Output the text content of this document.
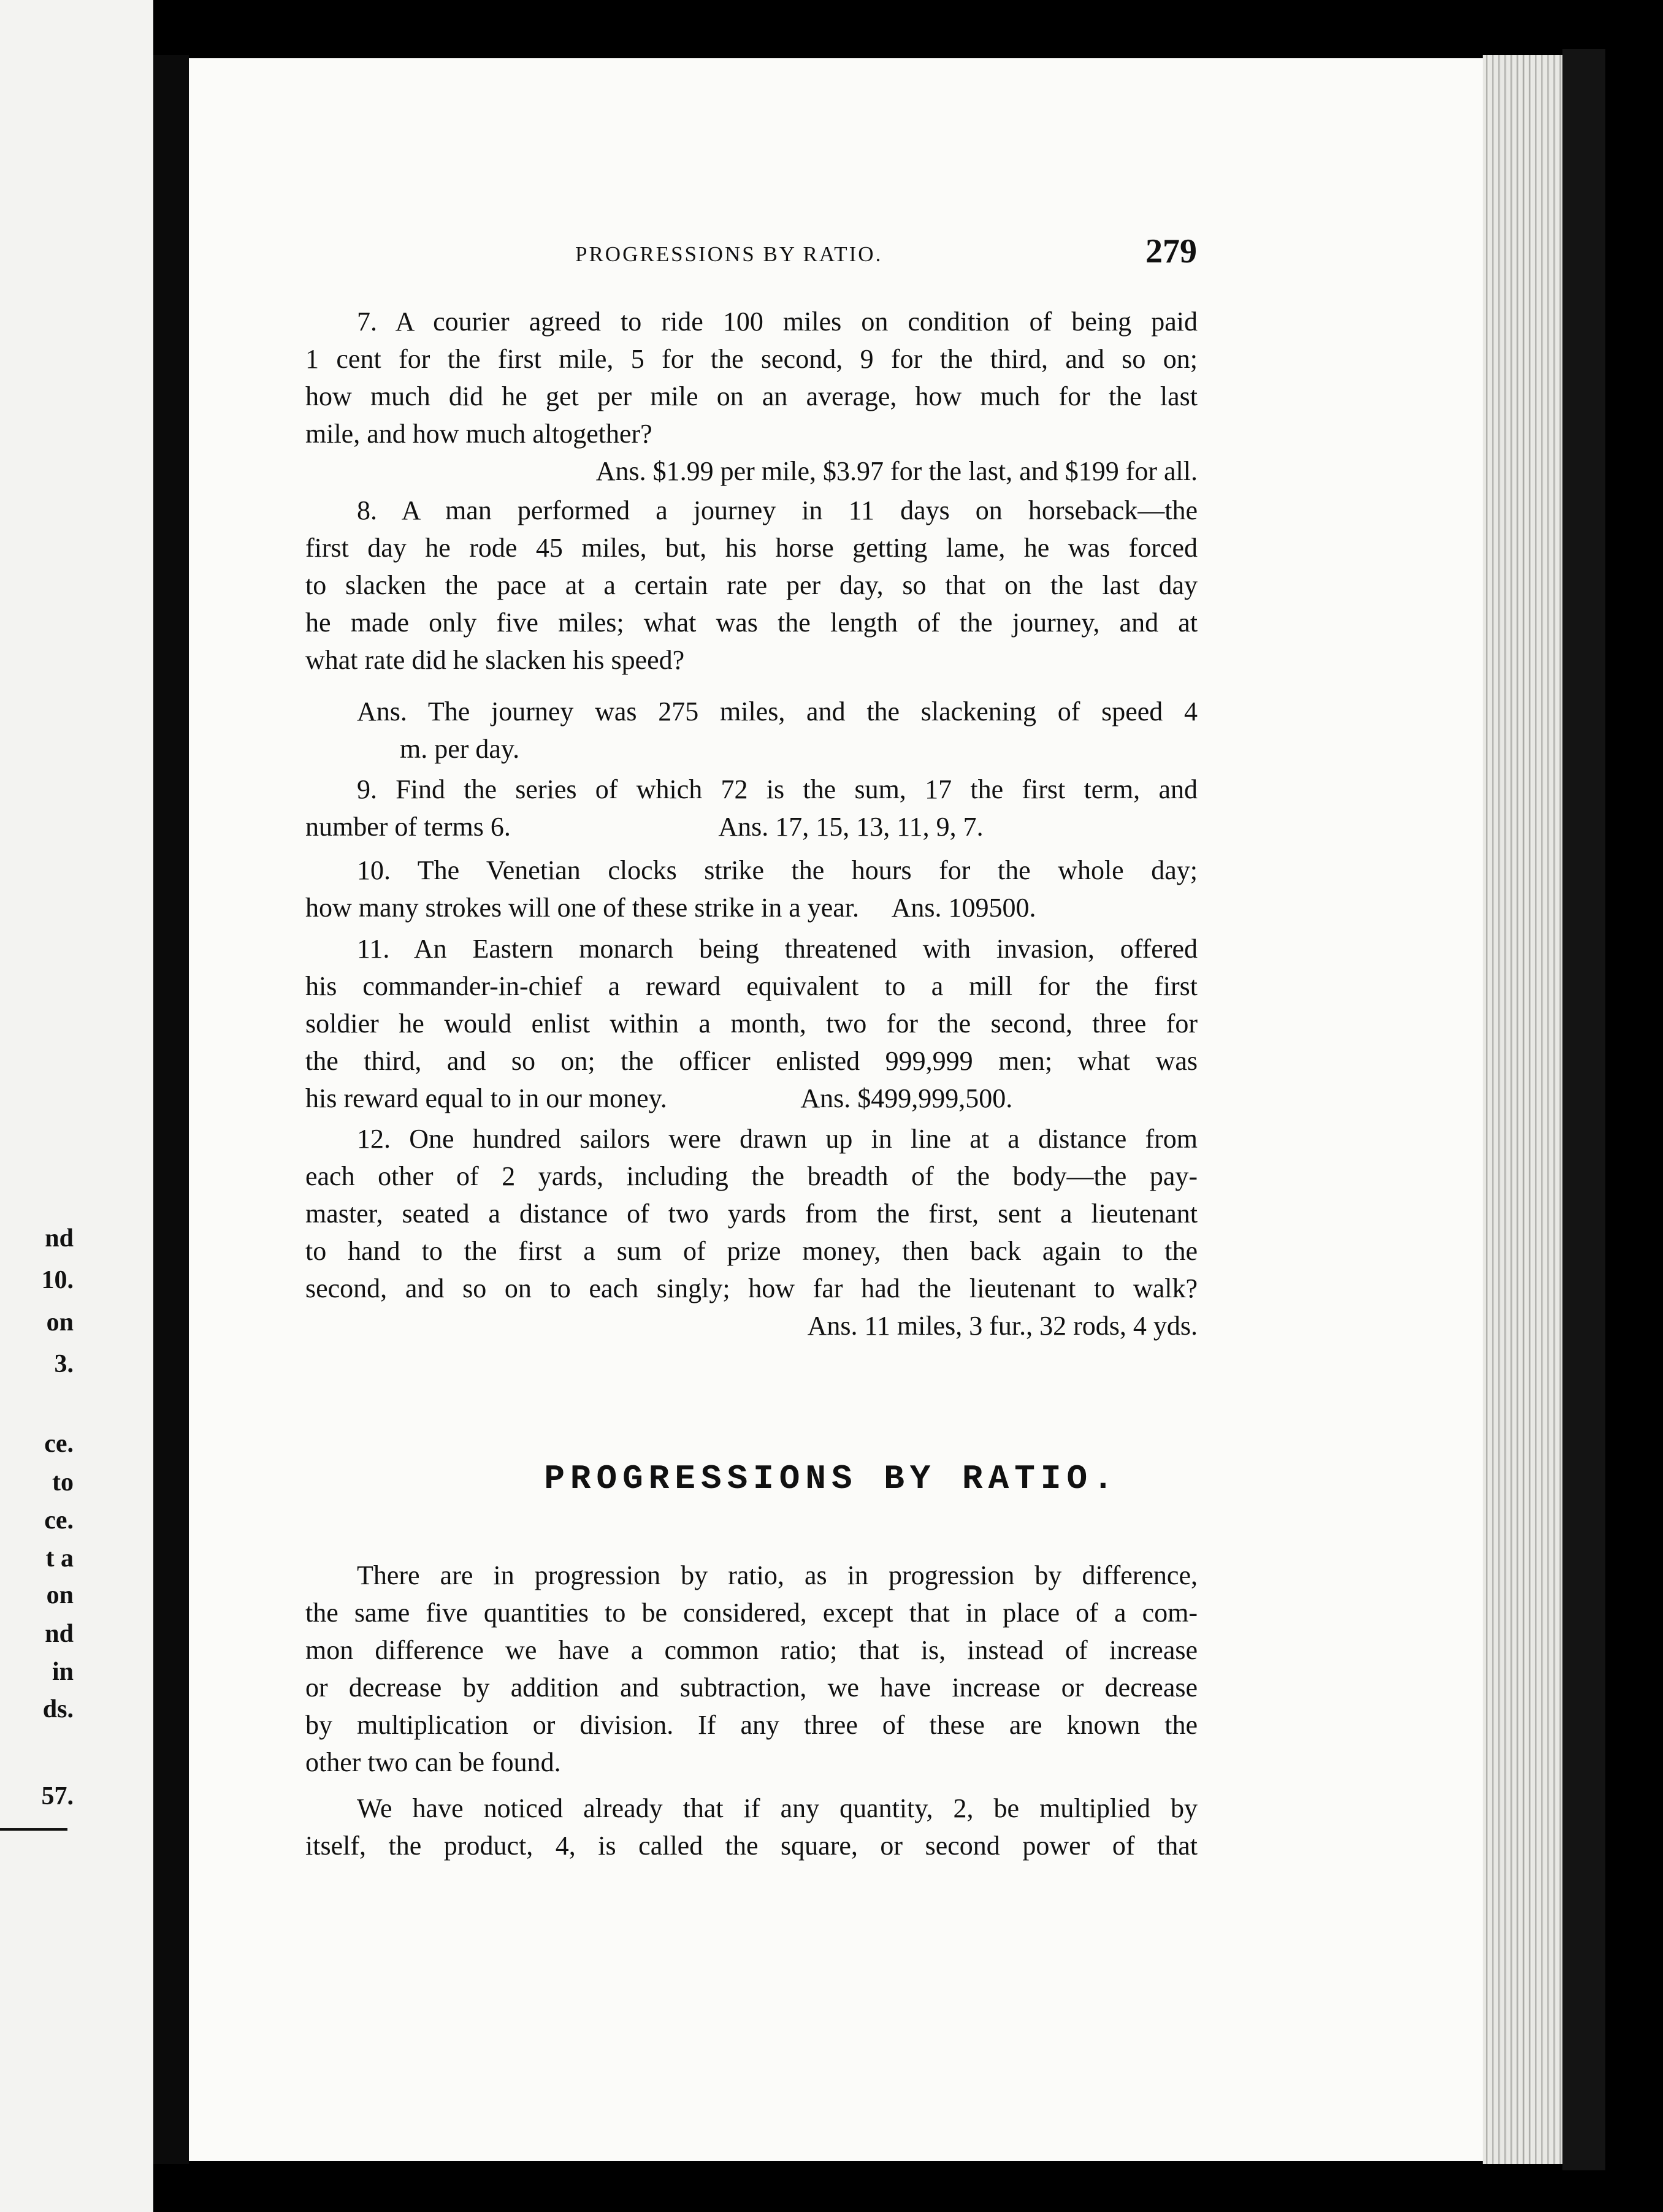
nd
10.
on
3.
ce.
to
ce.
t a
on
nd
in
ds.
57.
PROGRESSIONS BY RATIO.	279
7. A courier agreed to ride 100 miles on condition of being paid
1 cent for the first mile, 5 for the second, 9 for the third, and so on;
how much did he get per mile on an average, how much for the last
mile, and how much altogether?
Ans. $1.99 per mile, $3.97 for the last, and $199 for all.
8. A man performed a journey in 11 days on horseback—the
first day he rode 45 miles, but, his horse getting lame, he was forced
to slacken the pace at a certain rate per day, so that on the last day
he made only five miles; what was the length of the journey, and at
what rate did he slacken his speed?
Ans. The journey was 275 miles, and the slackening of speed 4
m. per day.
9. Find the series of which 72 is the sum, 17 the first term, and
number of terms 6.                               Ans. 17, 15, 13, 11, 9, 7.
10. The Venetian clocks strike the hours for the whole day;
how many strokes will one of these strike in a year.     Ans. 109500.
11. An Eastern monarch being threatened with invasion, offered
his commander-in-chief a reward equivalent to a mill for the first
soldier he would enlist within a month, two for the second, three for
the third, and so on; the officer enlisted 999,999 men; what was
his reward equal to in our money.                    Ans. $499,999,500.
12. One hundred sailors were drawn up in line at a distance from
each other of 2 yards, including the breadth of the body—the pay-
master, seated a distance of two yards from the first, sent a lieutenant
to hand to the first a sum of prize money, then back again to the
second, and so on to each singly; how far had the lieutenant to walk?
Ans. 11 miles, 3 fur., 32 rods, 4 yds.
PROGRESSIONS BY RATIO.
There are in progression by ratio, as in progression by difference,
the same five quantities to be considered, except that in place of a com-
mon difference we have a common ratio; that is, instead of increase
or decrease by addition and subtraction, we have increase or decrease
by multiplication or division. If any three of these are known the
other two can be found.
We have noticed already that if any quantity, 2, be multiplied by
itself, the product, 4, is called the square, or second power of that
